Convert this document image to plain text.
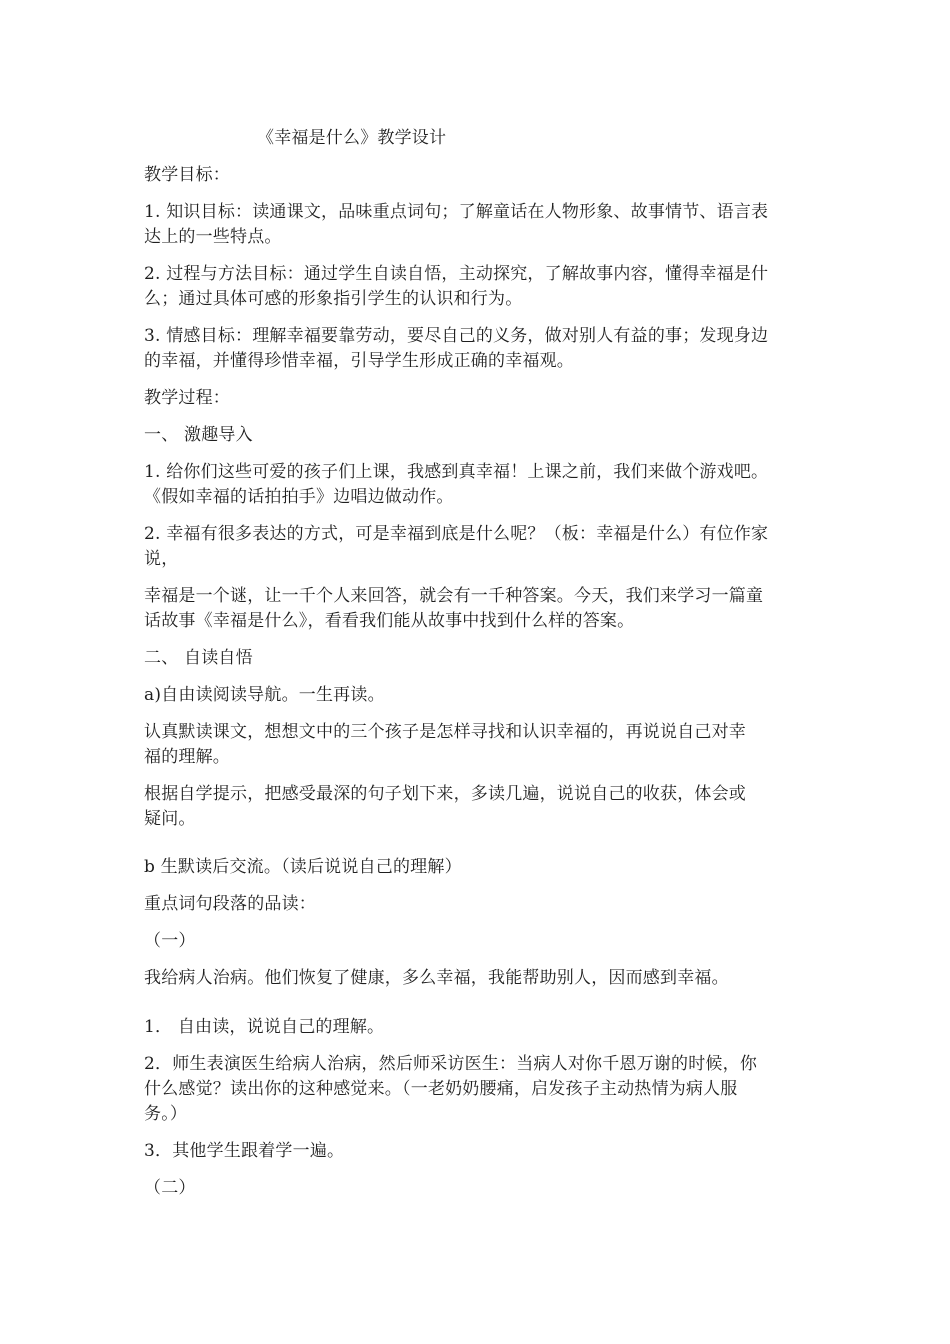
《幸福是什么》教学设计
教学目标：
1. 知识目标：读通课文，品味重点词句；了解童话在人物形象、故事情节、语言表
达上的一些特点。
2. 过程与方法目标：通过学生自读自悟，主动探究，了解故事内容，懂得幸福是什
么；通过具体可感的形象指引学生的认识和行为。
3. 情感目标：理解幸福要靠劳动，要尽自己的义务，做对别人有益的事；发现身边
的幸福，并懂得珍惜幸福，引导学生形成正确的幸福观。
教学过程：
一、 激趣导入
1. 给你们这些可爱的孩子们上课，我感到真幸福！上课之前，我们来做个游戏吧。
《假如幸福的话拍拍手》边唱边做动作。
2. 幸福有很多表达的方式，可是幸福到底是什么呢？（板：幸福是什么）有位作家
说，
幸福是一个谜，让一千个人来回答，就会有一千种答案。今天，我们来学习一篇童
话故事《幸福是什么》，看看我们能从故事中找到什么样的答案。
二、 自读自悟
a)自由读阅读导航。一生再读。
认真默读课文，想想文中的三个孩子是怎样寻找和认识幸福的，再说说自己对幸
福的理解。
根据自学提示，把感受最深的句子划下来，多读几遍，说说自己的收获，体会或
疑问。
b 生默读后交流。（读后说说自己的理解）
重点词句段落的品读：
（一）
我给病人治病。他们恢复了健康，多么幸福，我能帮助别人，因而感到幸福。
1． 自由读，说说自己的理解。
2．师生表演医生给病人治病，然后师采访医生：当病人对你千恩万谢的时候，你
什么感觉？读出你的这种感觉来。（一老奶奶腰痛，启发孩子主动热情为病人服
务。）
3．其他学生跟着学一遍。
（二）
